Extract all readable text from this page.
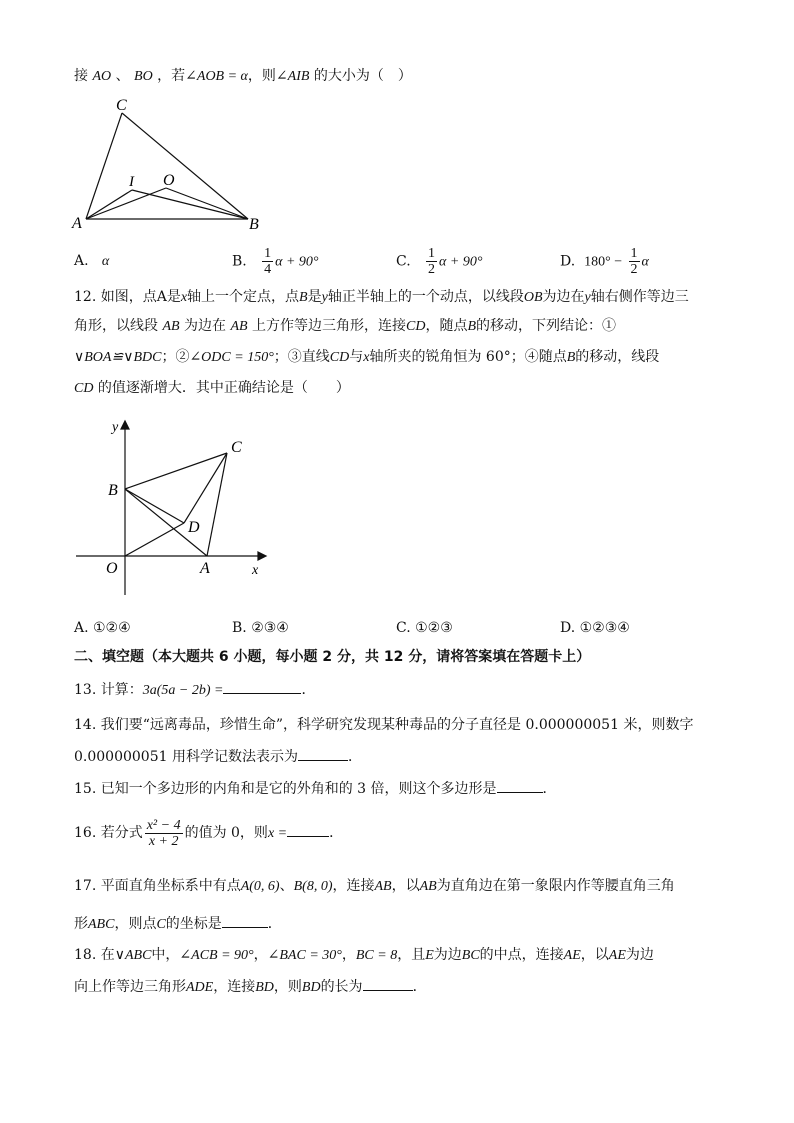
接 AO 、 BO ，若∠AOB = α，则∠AIB 的大小为（　）
C
I O
A	B
A. α	B. $\frac{1}{4}$ α + 90°	C. $\frac{1}{2}$ α + 90°	D. $180^\circ - \frac{1}{2}$ α
12. 如图，点A是x轴上一个定点，点B是y轴正半轴上的一个动点，以线段OB为边在y轴右侧作等边三
角形，以线段 AB 为边在 AB 上方作等边三角形，连接CD，随点B的移动，下列结论：①
∨BOA≌∨BDC；②∠ODC = 150°；③直线CD与x轴所夹的锐角恒为 60°；④随点B的移动，线段
CD 的值逐渐增大．其中正确结论是（　　）
y
C
B
D
O	A	x
A. ①②④	B. ②③④	C. ①②③	D. ①②③④
二、填空题（本大题共 6 小题，每小题 2 分，共 12 分，请将答案填在答题卡上）
13. 计算：3a(5a − 2b) =	．
14. 我们要“远离毒品，珍惜生命”，科学研究发现某种毒品的分子直径是 0.000000051 米，则数字
0.000000051 用科学记数法表示为	．
15. 已知一个多边形的内角和是它的外角和的 3 倍，则这个多边形是	．
16. 若分式 $\frac{\text{x² − 4}}{x + 2}$ 的值为 0，则x =	．
17. 平面直角坐标系中有点A(0, 6)、B(8, 0)，连接AB，以AB为直角边在第一象限内作等腰直角三角
形ABC，则点C的坐标是	．
18. 在∨ABC中，∠ACB = 90°，∠BAC = 30°，BC = 8，且E为边BC的中点，连接AE，以AE为边
向上作等边三角形ADE，连接BD，则BD的长为	．
